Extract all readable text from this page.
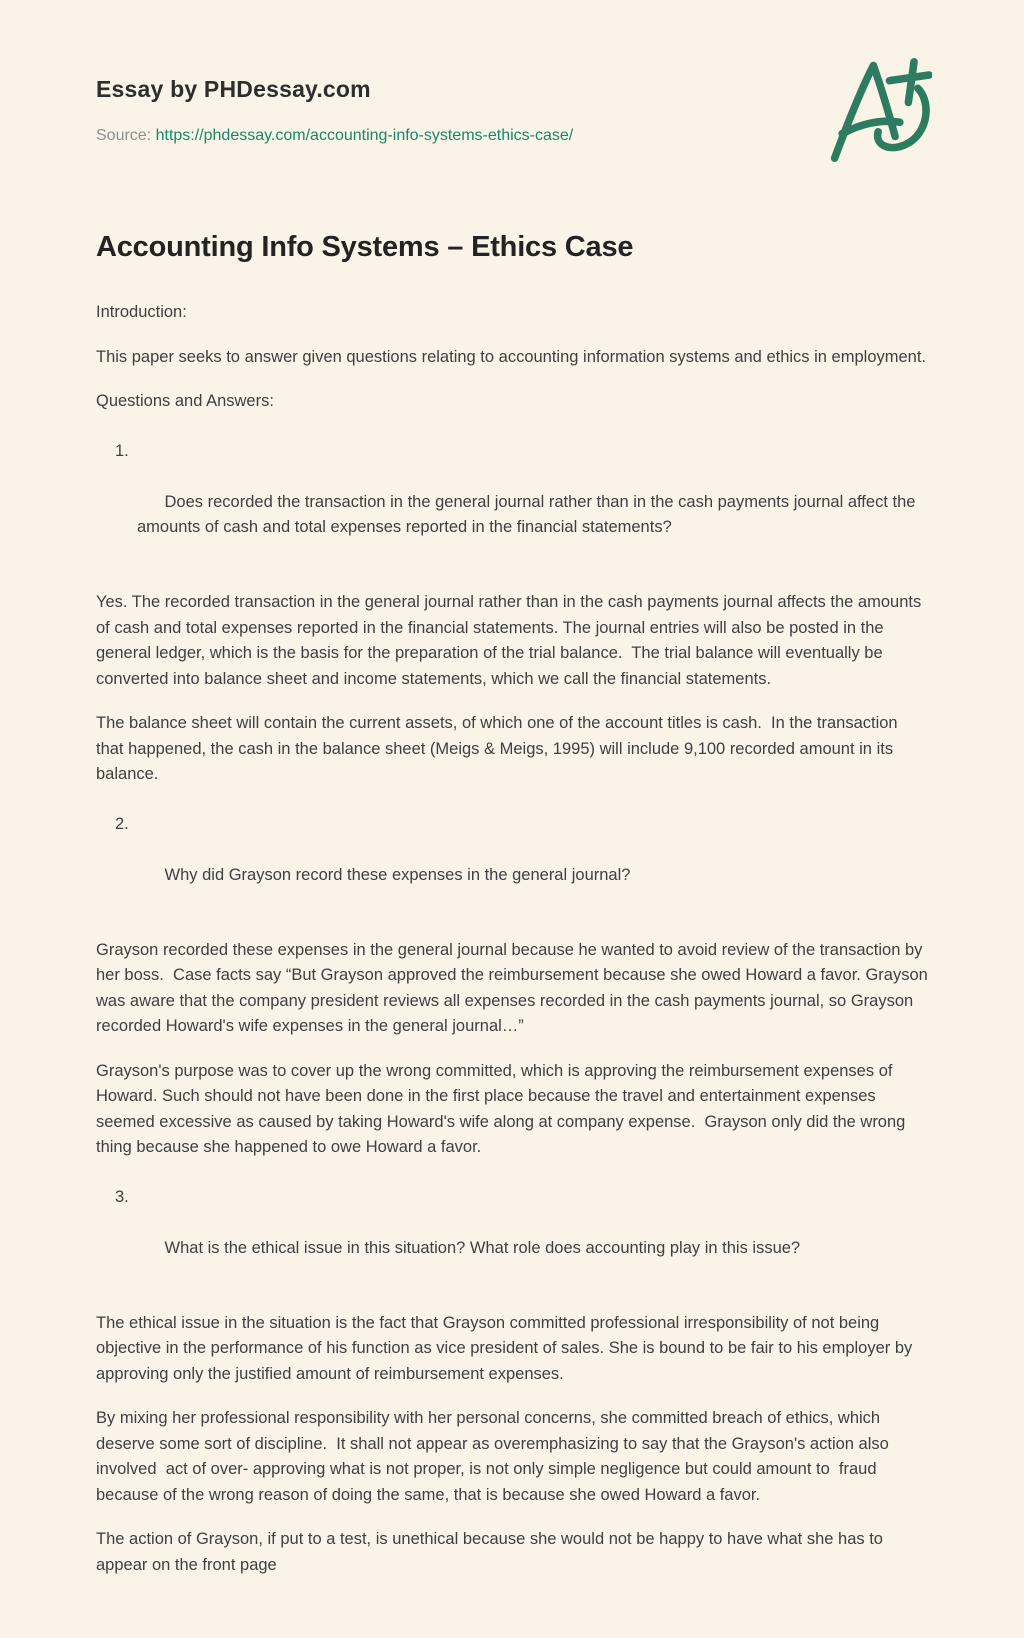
Essay by PHDessay.com
Source: https://phdessay.com/accounting-info-systems-ethics-case/
Accounting Info Systems – Ethics Case

Introduction:

This paper seeks to answer given questions relating to accounting information systems and ethics in employment.

Questions and Answers:

1.

Does recorded the transaction in the general journal rather than in the cash payments journal affect the amounts of cash and total expenses reported in the financial statements?

Yes. The recorded transaction in the general journal rather than in the cash payments journal affects the amounts of cash and total expenses reported in the financial statements. The journal entries will also be posted in the general ledger, which is the basis for the preparation of the trial balance.  The trial balance will eventually be converted into balance sheet and income statements, which we call the financial statements.

The balance sheet will contain the current assets, of which one of the account titles is cash.  In the transaction that happened, the cash in the balance sheet (Meigs & Meigs, 1995) will include 9,100 recorded amount in its balance.

2.

Why did Grayson record these expenses in the general journal?

Grayson recorded these expenses in the general journal because he wanted to avoid review of the transaction by her boss.  Case facts say “But Grayson approved the reimbursement because she owed Howard a favor. Grayson was aware that the company president reviews all expenses recorded in the cash payments journal, so Grayson recorded Howard's wife expenses in the general journal…”

Grayson's purpose was to cover up the wrong committed, which is approving the reimbursement expenses of Howard. Such should not have been done in the first place because the travel and entertainment expenses seemed excessive as caused by taking Howard's wife along at company expense.  Grayson only did the wrong thing because she happened to owe Howard a favor.

3.

What is the ethical issue in this situation? What role does accounting play in this issue?

The ethical issue in the situation is the fact that Grayson committed professional irresponsibility of not being objective in the performance of his function as vice president of sales. She is bound to be fair to his employer by approving only the justified amount of reimbursement expenses.

By mixing her professional responsibility with her personal concerns, she committed breach of ethics, which deserve some sort of discipline.  It shall not appear as overemphasizing to say that the Grayson's action also involved  act of over- approving what is not proper, is not only simple negligence but could amount to  fraud because of the wrong reason of doing the same, that is because she owed Howard a favor.

The action of Grayson, if put to a test, is unethical because she would not be happy to have what she has to appear on the front page
